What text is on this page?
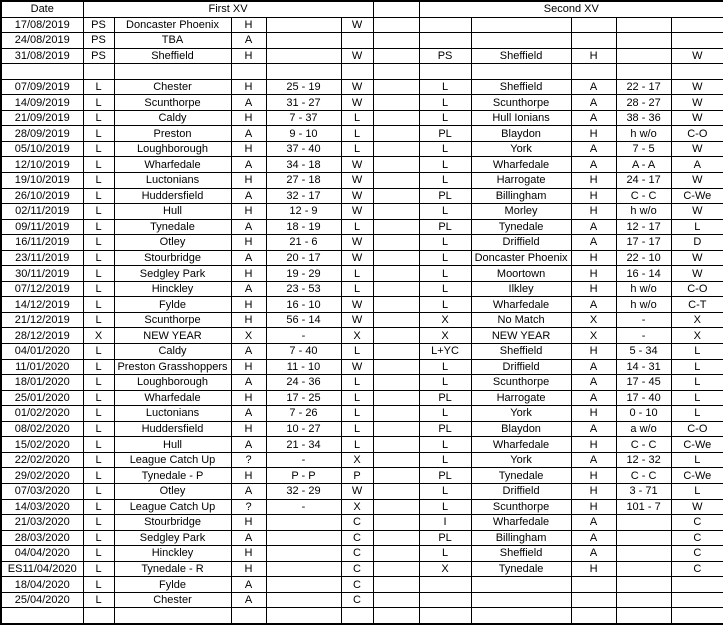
Date	First XV						Second XV				
17/08/2019	PS	Doncaster Phoenix	H		W						
24/08/2019	PS	TBA	A								
31/08/2019	PS	Sheffield	H		W		PS	Sheffield	H		W

07/09/2019	L	Chester	H	25 - 19	W		L	Sheffield	A	22 - 17	W
14/09/2019	L	Scunthorpe	A	31 - 27	W		L	Scunthorpe	A	28 - 27	W
21/09/2019	L	Caldy	H	7 - 37	L		L	Hull Ionians	A	38 - 36	W
28/09/2019	L	Preston	A	9 - 10	L		PL	Blaydon	H	h w/o	C-O
05/10/2019	L	Loughborough	H	37 - 40	L		L	York	A	7 - 5	W
12/10/2019	L	Wharfedale	A	34 - 18	W		L	Wharfedale	A	A - A	A
19/10/2019	L	Luctonians	H	27 - 18	W		L	Harrogate	H	24 - 17	W
26/10/2019	L	Huddersfield	A	32 - 17	W		PL	Billingham	H	C - C	C-We
02/11/2019	L	Hull	H	12 - 9	W		L	Morley	H	h w/o	W
09/11/2019	L	Tynedale	A	18 - 19	L		PL	Tynedale	A	12 - 17	L
16/11/2019	L	Otley	H	21 - 6	W		L	Driffield	A	17 - 17	D
23/11/2019	L	Stourbridge	A	20 - 17	W		L	Doncaster Phoenix	H	22 - 10	W
30/11/2019	L	Sedgley Park	H	19 - 29	L		L	Moortown	H	16 - 14	W
07/12/2019	L	Hinckley	A	23 - 53	L		L	Ilkley	H	h w/o	C-O
14/12/2019	L	Fylde	H	16 - 10	W		L	Wharfedale	A	h w/o	C-T
21/12/2019	L	Scunthorpe	H	56 - 14	W		X	No Match	X	-	X
28/12/2019	X	NEW YEAR	X	-	X		X	NEW YEAR	X	-	X
04/01/2020	L	Caldy	A	7 - 40	L		L+YC	Sheffield	H	5 - 34	L
11/01/2020	L	Preston Grasshoppers	H	11 - 10	W		L	Driffield	A	14 - 31	L
18/01/2020	L	Loughborough	A	24 - 36	L		L	Scunthorpe	A	17 - 45	L
25/01/2020	L	Wharfedale	H	17 - 25	L		PL	Harrogate	A	17 - 40	L
01/02/2020	L	Luctonians	A	7 - 26	L		L	York	H	0 - 10	L
08/02/2020	L	Huddersfield	H	10 - 27	L		PL	Blaydon	A	a w/o	C-O
15/02/2020	L	Hull	A	21 - 34	L		L	Wharfedale	H	C - C	C-We
22/02/2020	L	League Catch Up	?	-	X		L	York	A	12 - 32	L
29/02/2020	L	Tynedale - P	H	P - P	P		PL	Tynedale	H	C - C	C-We
07/03/2020	L	Otley	A	32 - 29	W		L	Driffield	H	3 - 71	L
14/03/2020	L	League Catch Up	?	-	X		L	Scunthorpe	H	101 - 7	W
21/03/2020	L	Stourbridge	H		C		I	Wharfedale	A		C
28/03/2020	L	Sedgley Park	A		C		PL	Billingham	A		C
04/04/2020	L	Hinckley	H		C		L	Sheffield	A		C
ES11/04/2020	L	Tynedale - R	H		C		X	Tynedale	H		C
18/04/2020	L	Fylde	A		C						
25/04/2020	L	Chester	A		C						
